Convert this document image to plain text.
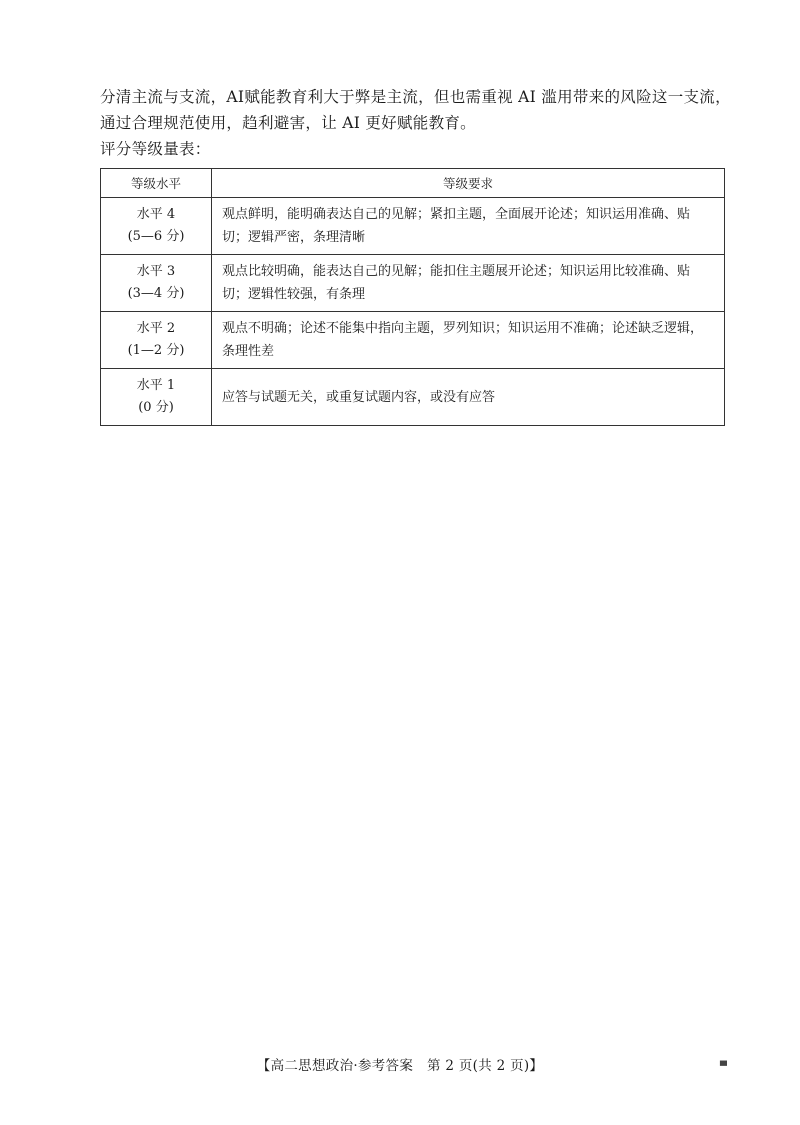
分清主流与支流，AI赋能教育利大于弊是主流，但也需重视 AI 滥用带来的风险这一支流，

通过合理规范使用，趋利避害，让 AI 更好赋能教育。

评分等级量表：

等级水平	等级要求

水平 4
(5—6 分)	观点鲜明，能明确表达自己的见解；紧扣主题，全面展开论述；知识运用准确、贴切；逻辑严密，条理清晰

水平 3
(3—4 分)	观点比较明确，能表达自己的见解；能扣住主题展开论述；知识运用比较准确、贴切；逻辑性较强，有条理

水平 2
(1—2 分)	观点不明确；论述不能集中指向主题，罗列知识；知识运用不准确；论述缺乏逻辑，条理性差

水平 1
(0 分)	应答与试题无关，或重复试题内容，或没有应答
【高二思想政治·参考答案　第 2 页(共 2 页)】	▀
